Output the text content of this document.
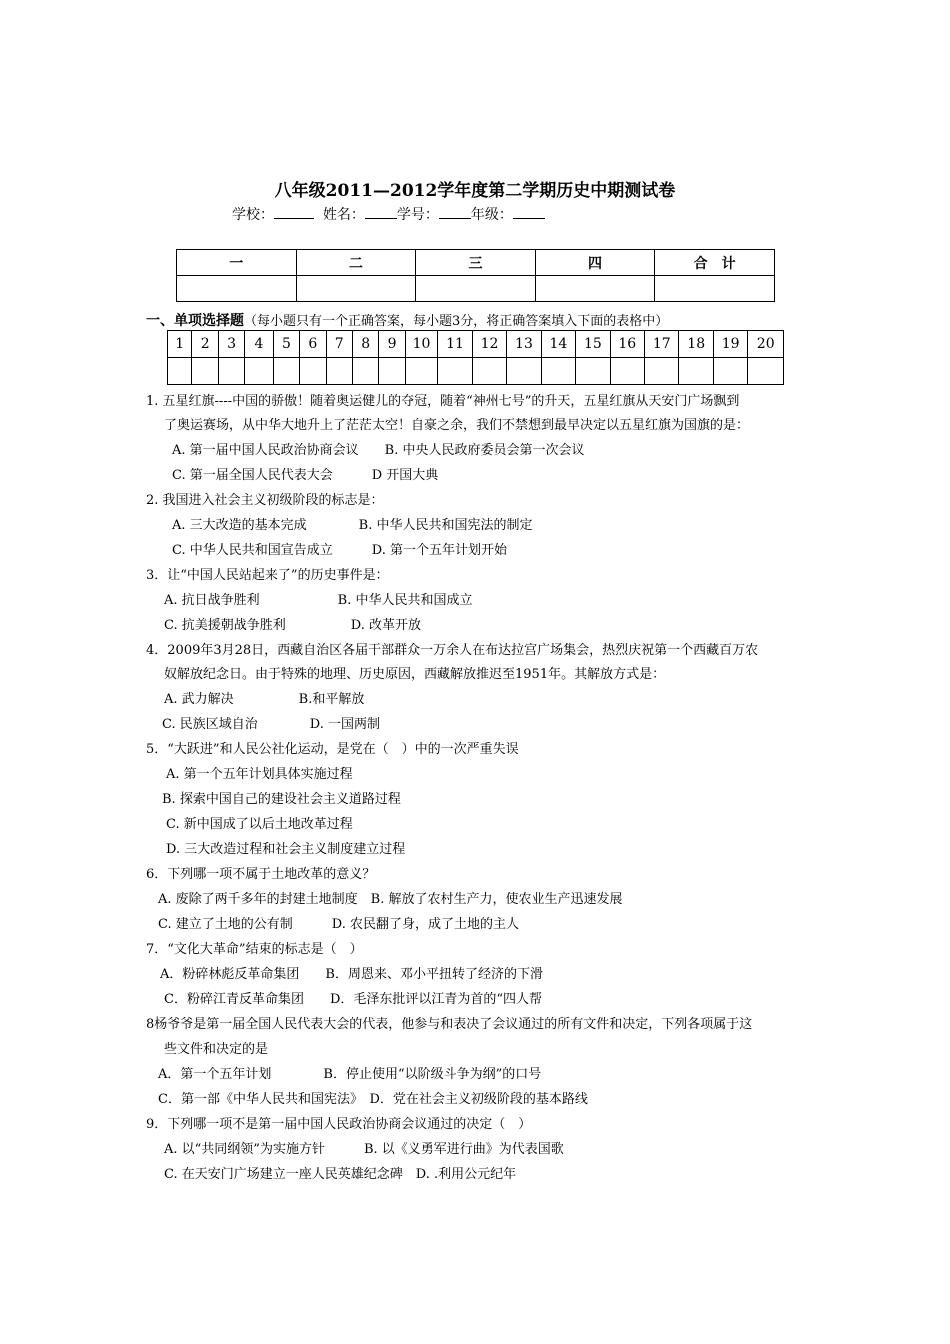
八年级2011—2012学年度第二学期历史中期测试卷
学校：	姓名： 学号： 年级：
一	二	三	四	合　计

一、单项选择题（每小题只有一个正确答案，每小题3分，将正确答案填入下面的表格中）
1	2	3	4	5	6	7	8	9	10	11	12	13	14	15	16	17	18	19	20

1. 五星红旗----中国的骄傲！随着奥运健儿的夺冠，随着“神州七号”的升天，五星红旗从天安门广场飘到
了奥运赛场，从中华大地升上了茫茫太空！自豪之余，我们不禁想到最早决定以五星红旗为国旗的是：
A. 第一届中国人民政治协商会议　　B. 中央人民政府委员会第一次会议
C. 第一届全国人民代表大会　　　D 开国大典
2. 我国进入社会主义初级阶段的标志是：
A. 三大改造的基本完成　　　　B. 中华人民共和国宪法的制定
C. 中华人民共和国宣告成立　　　D. 第一个五年计划开始
3．让“中国人民站起来了”的历史事件是：
A. 抗日战争胜利　　　　　　B. 中华人民共和国成立
C. 抗美援朝战争胜利　　　　　D. 改革开放
4．2009年3月28日，西藏自治区各届干部群众一万余人在布达拉宫广场集会，热烈庆祝第一个西藏百万农
奴解放纪念日。由于特殊的地理、历史原因，西藏解放推迟至1951年。其解放方式是：
A. 武力解决　　　　　B.和平解放
C. 民族区域自治　　　　D. 一国两制
5．“大跃进”和人民公社化运动，是党在（　）中的一次严重失误
A. 第一个五年计划具体实施过程
B. 探索中国自己的建设社会主义道路过程
C. 新中国成了以后土地改革过程
D. 三大改造过程和社会主义制度建立过程
6．下列哪一项不属于土地改革的意义？
A. 废除了两千多年的封建土地制度　B. 解放了农村生产力，使农业生产迅速发展
C. 建立了土地的公有制　　　D. 农民翻了身，成了土地的主人
7．“文化大革命”结束的标志是（　）
A．粉碎林彪反革命集团　　B．周恩来、邓小平扭转了经济的下滑
C．粉碎江青反革命集团　　D．毛泽东批评以江青为首的“四人帮
8杨爷爷是第一届全国人民代表大会的代表，他参与和表决了会议通过的所有文件和决定，下列各项属于这
些文件和决定的是
A．第一个五年计划　　　　B．停止使用“以阶级斗争为纲”的口号
C．第一部《中华人民共和国宪法》　D．党在社会主义初级阶段的基本路线
9．下列哪一项不是第一届中国人民政治协商会议通过的决定（　）
A. 以“共同纲领”为实施方针　　　B. 以《义勇军进行曲》为代表国歌
C. 在天安门广场建立一座人民英雄纪念碑　D. .利用公元纪年
